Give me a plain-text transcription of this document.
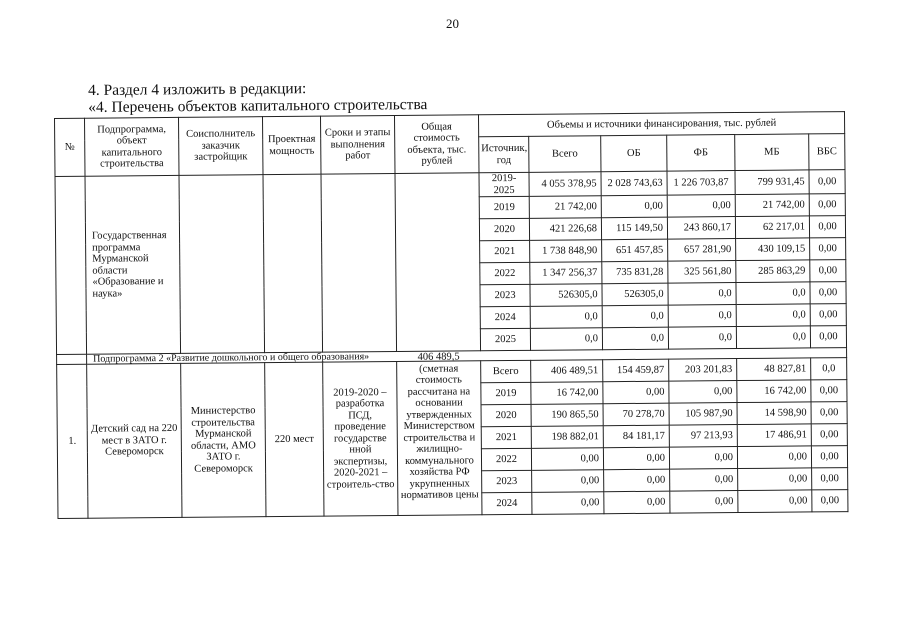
20
4. Раздел 4 изложить в редакции:
«4. Перечень объектов капитального строительства
№	Подпрограмма, объект капитального строительства	Соисполнитель заказчик застройщик	Проектная мощность	Сроки и этапы выполнения работ	Общая стоимость объекта, тыс. рублей	Объемы и источники финансирования, тыс. рублей					
						Источник, год	Всего	ОБ	ФБ	МБ	ВБС
	Государственная программа Мурманской области «Образование и наука»					2019-2025	4 055 378,95	2 028 743,63	1 226 703,87	799 931,45	0,00
						2019	21 742,00	0,00	0,00	21 742,00	0,00
						2020	421 226,68	115 149,50	243 860,17	62 217,01	0,00
						2021	1 738 848,90	651 457,85	657 281,90	430 109,15	0,00
						2022	1 347 256,37	735 831,28	325 561,80	285 863,29	0,00
						2023	526305,0	526305,0	0,0	0,0	0,00
						2024	0,0	0,0	0,0	0,0	0,00
						2025	0,0	0,0	0,0	0,0	0,00
	Подпрограмма 2 «Развитие дошкольного и общего образования»										
1.	Детский сад на 220 мест в ЗАТО г. Североморск	Министерство строительства Мурманской области, АМО ЗАТО г. Североморск	220 мест	2019-2020 – разработка ПСД, проведение государстве нной экспертизы, 2020-2021 – строитель-ство	406 489,5 (сметная стоимость рассчитана на основании утвержденных Министерством строительства и жилищно-коммунального хозяйства РФ укрупненных нормативов цены	Всего	406 489,51	154 459,87	203 201,83	48 827,81	0,0
						2019	16 742,00	0,00	0,00	16 742,00	0,00
						2020	190 865,50	70 278,70	105 987,90	14 598,90	0,00
						2021	198 882,01	84 181,17	97 213,93	17 486,91	0,00
						2022	0,00	0,00	0,00	0,00	0,00
						2023	0,00	0,00	0,00	0,00	0,00
						2024	0,00	0,00	0,00	0,00	0,00
